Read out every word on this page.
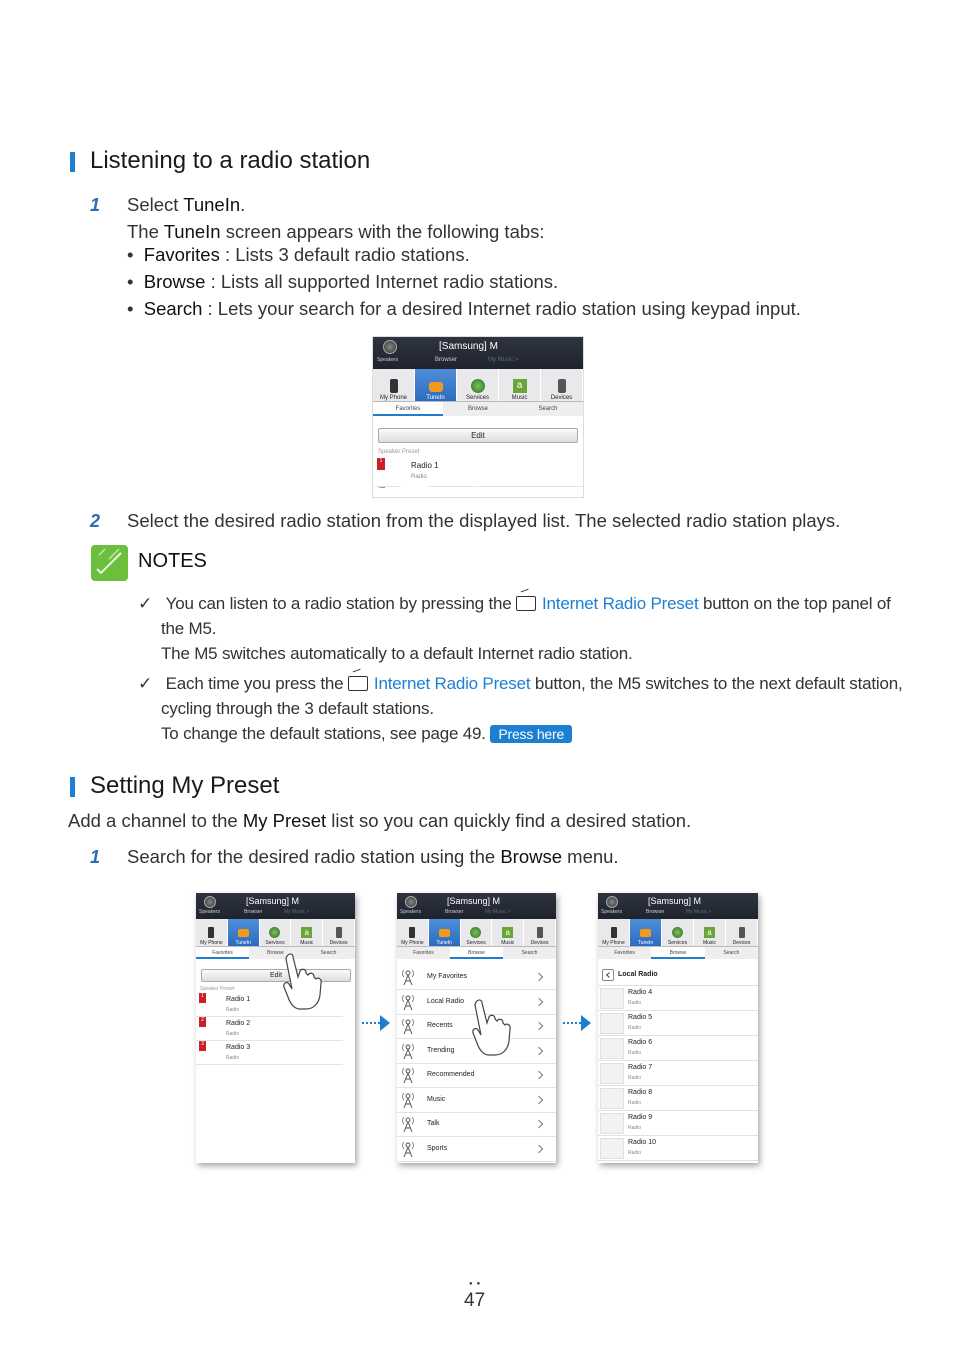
Listening to a radio station
1 Select TuneIn.
The TuneIn screen appears with the following tabs:
•  Favorites : Lists 3 default radio stations.
•  Browse : Lists all supported Internet radio stations.
•  Search : Lets your search for a desired Internet radio station using keypad input.
Speakers
[Samsung] M
Browser	My Music >
My Phone	TuneIn	Services
a
Music	Devices
Favorites	Browse	Search
Edit
Speaker Preset
1	Radio 1
Radio
2 Select the desired radio station from the displayed list. The selected radio station plays.
NOTES
✓   You can listen to a radio station by pressing the
Internet Radio Preset button on the top panel of
the M5.
The M5 switches automatically to a default Internet radio station.
✓   Each time you press the
Internet Radio Preset button, the M5 switches to the next default station,
cycling through the 3 default stations.
To change the default stations, see page 49. Press here
Setting My Preset
Add a channel to the My Preset list so you can quickly find a desired station.
1 Search for the desired radio station using the Browse menu.
Speakers
[Samsung] M
Browser	My Music >
My Phone	TuneIn	Services
a
Music	Devices
Favorites	Browse	Search
Edit
Speaker Preset
1	Radio 1
Radio
2	Radio 2
Radio
3	Radio 3
Radio
Speakers
[Samsung] M
Browser	My Music >
My Phone	TuneIn	Services
a
Music	Devices
Favorites	Browse	Search
My Favorites
Local Radio
Recents
Trending
Recommended
Music
Talk
Sports
Speakers
[Samsung] M
Browser	My Music >
My Phone	TuneIn	Services
a
Music	Devices
Favorites	Browse	Search
Local Radio
Radio 4
Radio
Radio 5
Radio
Radio 6
Radio
Radio 7
Radio
Radio 8
Radio
Radio 9
Radio
Radio 10
Radio
●●
47
